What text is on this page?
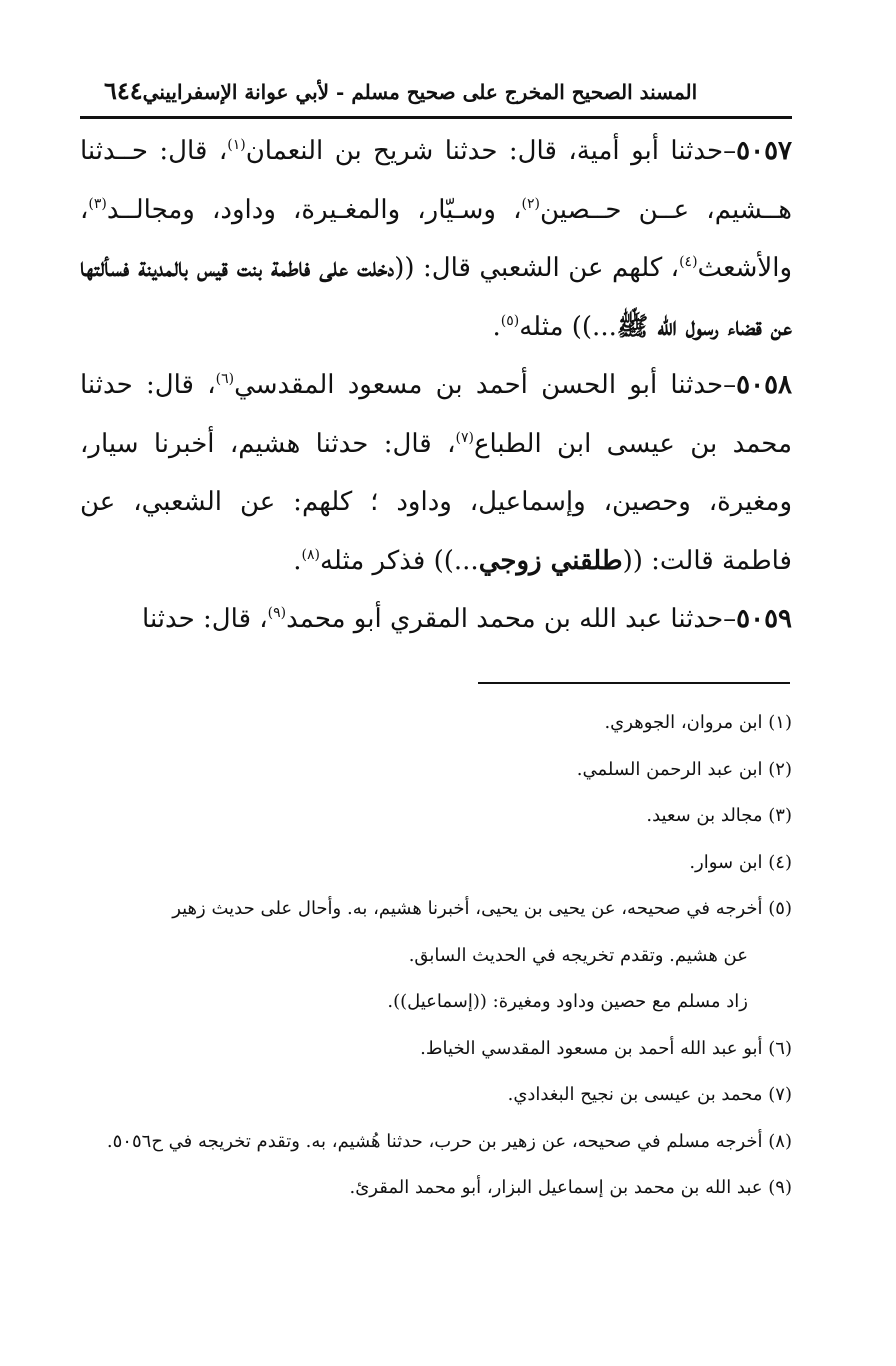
٦٤٤ المسند الصحيح المخرج على صحيح مسلم - لأبي عوانة الإسفراييني

٥٠٥٧–حدثنا أبو أمية، قال: حدثنا شريح بن النعمان$^{(١)}$، قال: حــدثنا هــشيم، عــن حــصين$^{(٢)}$، وسـيّار، والمغـيرة، وداود، ومجالــد$^{(٣)}$، والأشعث$^{(٤)}$، كلهم عن الشعبي قال: ((دخلت على فاطمة بنت قيس بالمدينة فسألتها عن قضاء رسول الله ﷺ...)) مثله$^{(٥)}$.

٥٠٥٨–حدثنا أبو الحسن أحمد بن مسعود المقدسي$^{(٦)}$، قال: حدثنا محمد بن عيسى ابن الطباع$^{(٧)}$، قال: حدثنا هشيم، أخبرنا سيار، ومغيرة، وحصين، وإسماعيل، وداود ؛ كلهم: عن الشعبي، عن فاطمة قالت: ((طلقني زوجي...)) فذكر مثله$^{(٨)}$.

٥٠٥٩–حدثنا عبد الله بن محمد المقري أبو محمد$^{(٩)}$، قال: حدثنا

(١) ابن مروان، الجوهري.

(٢) ابن عبد الرحمن السلمي.

(٣) مجالد بن سعيد.

(٤) ابن سوار.

(٥) أخرجه في صحيحه، عن يحيى بن يحيى، أخبرنا هشيم، به. وأحال على حديث زهير

عن هشيم. وتقدم تخريجه في الحديث السابق.

زاد مسلم مع حصين وداود ومغيرة: ((إسماعيل)).

(٦) أبو عبد الله أحمد بن مسعود المقدسي الخياط.

(٧) محمد بن عيسى بن نجيح البغدادي.

(٨) أخرجه مسلم في صحيحه، عن زهير بن حرب، حدثنا هُشيم، به. وتقدم تخريجه في ح٥٠٥٦.

(٩) عبد الله بن محمد بن إسماعيل البزار، أبو محمد المقرئ.
